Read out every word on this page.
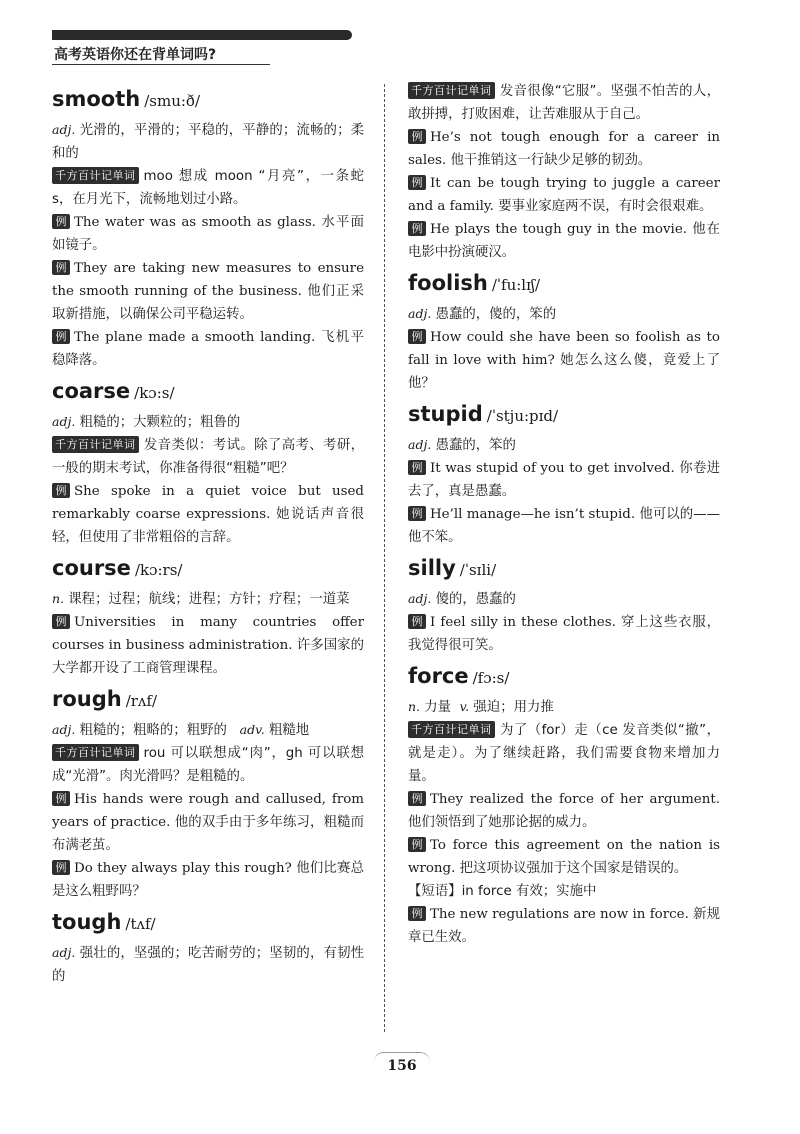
高考英语你还在背单词吗?
smooth /smu:ð/

adj. 光滑的，平滑的；平稳的，平静的；流畅的；柔和的

千方百计记单词 moo 想成 moon “月亮”，一条蛇 s，在月光下，流畅地划过小路。

例 The water was as smooth as glass. 水平面如镜子。

例 They are taking new measures to ensure the smooth running of the business. 他们正采取新措施，以确保公司平稳运转。

例 The plane made a smooth landing. 飞机平稳降落。

coarse /kɔ:s/

adj. 粗糙的；大颗粒的；粗鲁的

千方百计记单词 发音类似：考试。除了高考、考研，一般的期末考试，你准备得很“粗糙”吧？

例 She spoke in a quiet voice but used remarkably coarse expressions. 她说话声音很轻，但使用了非常粗俗的言辞。

course /kɔ:rs/

n. 课程；过程；航线；进程；方针；疗程；一道菜

例 Universities in many countries offer courses in business administration. 许多国家的大学都开设了工商管理课程。

rough /rʌf/

adj. 粗糙的；粗略的；粗野的 adv. 粗糙地

千方百计记单词 rou 可以联想成“肉”，gh 可以联想成“光滑”。肉光滑吗？是粗糙的。

例 His hands were rough and callused, from years of practice. 他的双手由于多年练习，粗糙而布满老茧。

例 Do they always play this rough? 他们比赛总是这么粗野吗？

tough /tʌf/

adj. 强壮的，坚强的；吃苦耐劳的；坚韧的，有韧性的

千方百计记单词 发音很像“它服”。坚强不怕苦的人，敢拼搏，打败困难，让苦难服从于自己。

例 He’s not tough enough for a career in sales. 他干推销这一行缺少足够的韧劲。

例 It can be tough trying to juggle a career and a family. 要事业家庭两不误，有时会很艰难。

例 He plays the tough guy in the movie. 他在电影中扮演硬汉。

foolish /ˈfu:lɪʃ/

adj. 愚蠢的，傻的，笨的

例 How could she have been so foolish as to fall in love with him? 她怎么这么傻，竟爱上了他？

stupid /ˈstju:pɪd/

adj. 愚蠢的，笨的

例 It was stupid of you to get involved. 你卷进去了，真是愚蠢。

例 He’ll manage—he isn’t stupid. 他可以的——他不笨。

silly /ˈsɪli/

adj. 傻的，愚蠢的

例 I feel silly in these clothes. 穿上这些衣服，我觉得很可笑。

force /fɔ:s/

n. 力量 v. 强迫；用力推

千方百计记单词 为了（for）走（ce 发音类似“撤”，就是走）。为了继续赶路，我们需要食物来增加力量。

例 They realized the force of her argument. 他们领悟到了她那论据的威力。

例 To force this agreement on the nation is wrong. 把这项协议强加于这个国家是错误的。

【短语】in force 有效；实施中

例 The new regulations are now in force. 新规章已生效。

156
